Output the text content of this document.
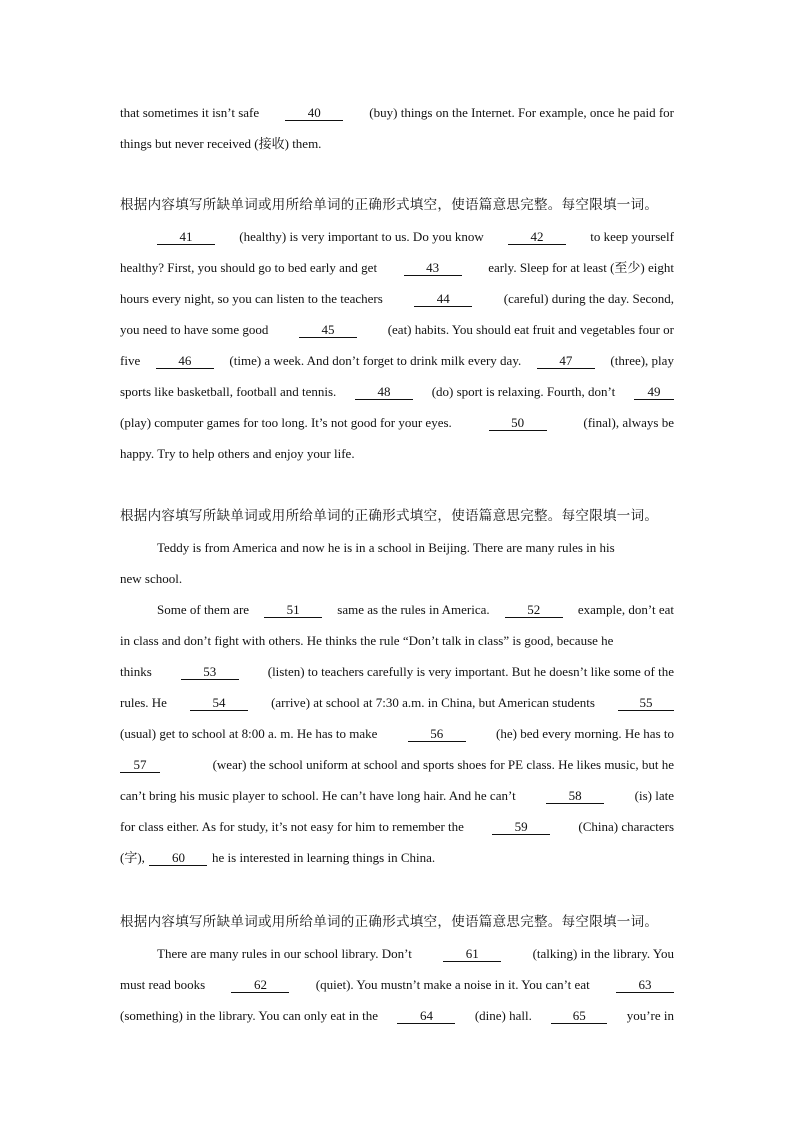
that sometimes it isn’t safe	40	(buy) things on the Internet. For example, once he paid for
things but never received (接收) them.
根据内容填写所缺单词或用所给单词的正确形式填空，使语篇意思完整。每空限填一词。
41	(healthy) is very important to us. Do you know	42	to keep yourself
healthy? First, you should go to bed early and get	43	early. Sleep for at least (至少) eight
hours every night, so you can listen to the teachers	44	(careful) during the day. Second,
you need to have some good	45	(eat) habits. You should eat fruit and vegetables four or
five	46	(time) a week. And don’t forget to drink milk every day.	47	(three), play
sports like basketball, football and tennis.	48	(do) sport is relaxing. Fourth, don’t	49
(play) computer games for too long. It’s not good for your eyes.	50	(final), always be
happy. Try to help others and enjoy your life.
根据内容填写所缺单词或用所给单词的正确形式填空，使语篇意思完整。每空限填一词。
Teddy is from America and now he is in a school in Beijing. There are many rules in his
new school.
Some of them are	51	same as the rules in America.	52	example, don’t eat
in class and don’t fight with others. He thinks the rule “Don’t talk in class” is good, because he
thinks	53	(listen) to teachers carefully is very important. But he doesn’t like some of the
rules. He	54	(arrive) at school at 7:30 a.m. in China, but American students	55
(usual) get to school at 8:00 a. m. He has to make	56	(he) bed every morning. He has to
57	(wear) the school uniform at school and sports shoes for PE class. He likes music, but he
can’t bring his music player to school. He can’t have long hair. And he can’t	58	(is) late
for class either. As for study, it’s not easy for him to remember the	59	(China) characters
(字),	60	he is interested in learning things in China.
根据内容填写所缺单词或用所给单词的正确形式填空，使语篇意思完整。每空限填一词。
There are many rules in our school library. Don’t	61	(talking) in the library. You
must read books	62	(quiet). You mustn’t make a noise in it. You can’t eat	63
(something) in the library. You can only eat in the	64	(dine) hall.	65	you’re in
